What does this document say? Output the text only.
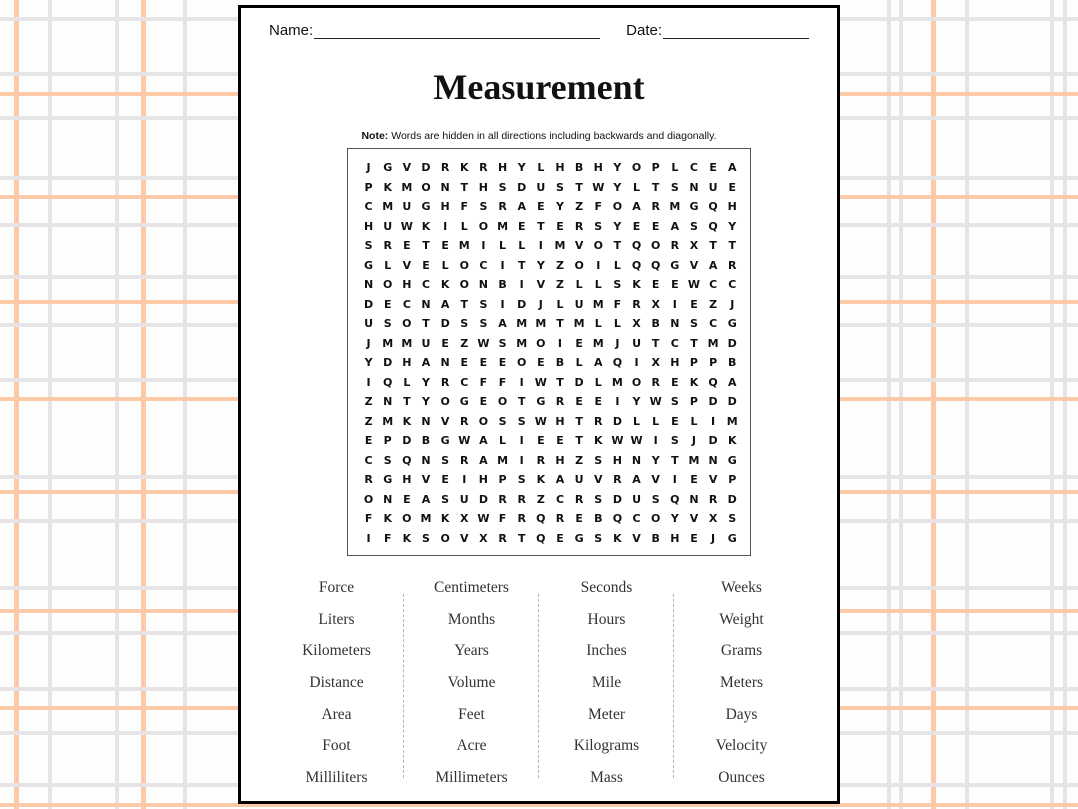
Name:	Date:
Measurement
Note: Words are hidden in all directions including backwards and diagonally.
J	G V D R K R H Y	L	H B H Y O P	L	C	E	A
P K M O N T H S D U S	T W Y	L	T	S N U E
C M U G H F	S R A	E	Y	Z	F O A R M G Q H
H U W K	I	L O M E	T	E	R S	Y	E	E	A S Q Y
S R	E	T	E M	I	L	L	I	M V O T Q O R X	T	T
G	L	V	E	L O C	I	T	Y	Z O	I	L Q Q G V A R
N O H C K O N B	I	V Z	L	L	S K	E	E W C	C
D E	C N A	T	S	I	D	J	L	U M F	R X	I	E	Z	J
U S O T D S	S A M M T M L	L	X B N S	C G
J	M M U E	Z W S M O	I	E M	J	U T	C	T M D
Y D H A N E	E	E O E	B	L	A Q	I	X H P	P B
I	Q L	Y R C	F	F	I	W T D	L M O R	E	K Q A
Z N T	Y O G E O T G R	E	E	I	Y W S	P D D
Z M K N V R O S	S W H T	R D	L	L	E	L	I	M
E	P D B G W A	L	I	E	E	T	K W W	I	S	J	D K
C	S Q N S R A M	I	R H Z	S H N Y	T M N G
R G H V	E	I	H P	S K A U V R A V	I	E	V P
O N E	A S U D R R Z	C R S D U S Q N R D
F	K O M K X W F	R Q R	E	B Q C O Y V X S
I	F	K S O V X R	T Q E G S K V B H E	J	G
Force
Liters
Kilometers
Distance
Area
Foot
Milliliters
Centimeters
Months
Years
Volume
Feet
Acre
Millimeters
Seconds
Hours
Inches
Mile
Meter
Kilograms
Mass
Weeks
Weight
Grams
Meters
Days
Velocity
Ounces
